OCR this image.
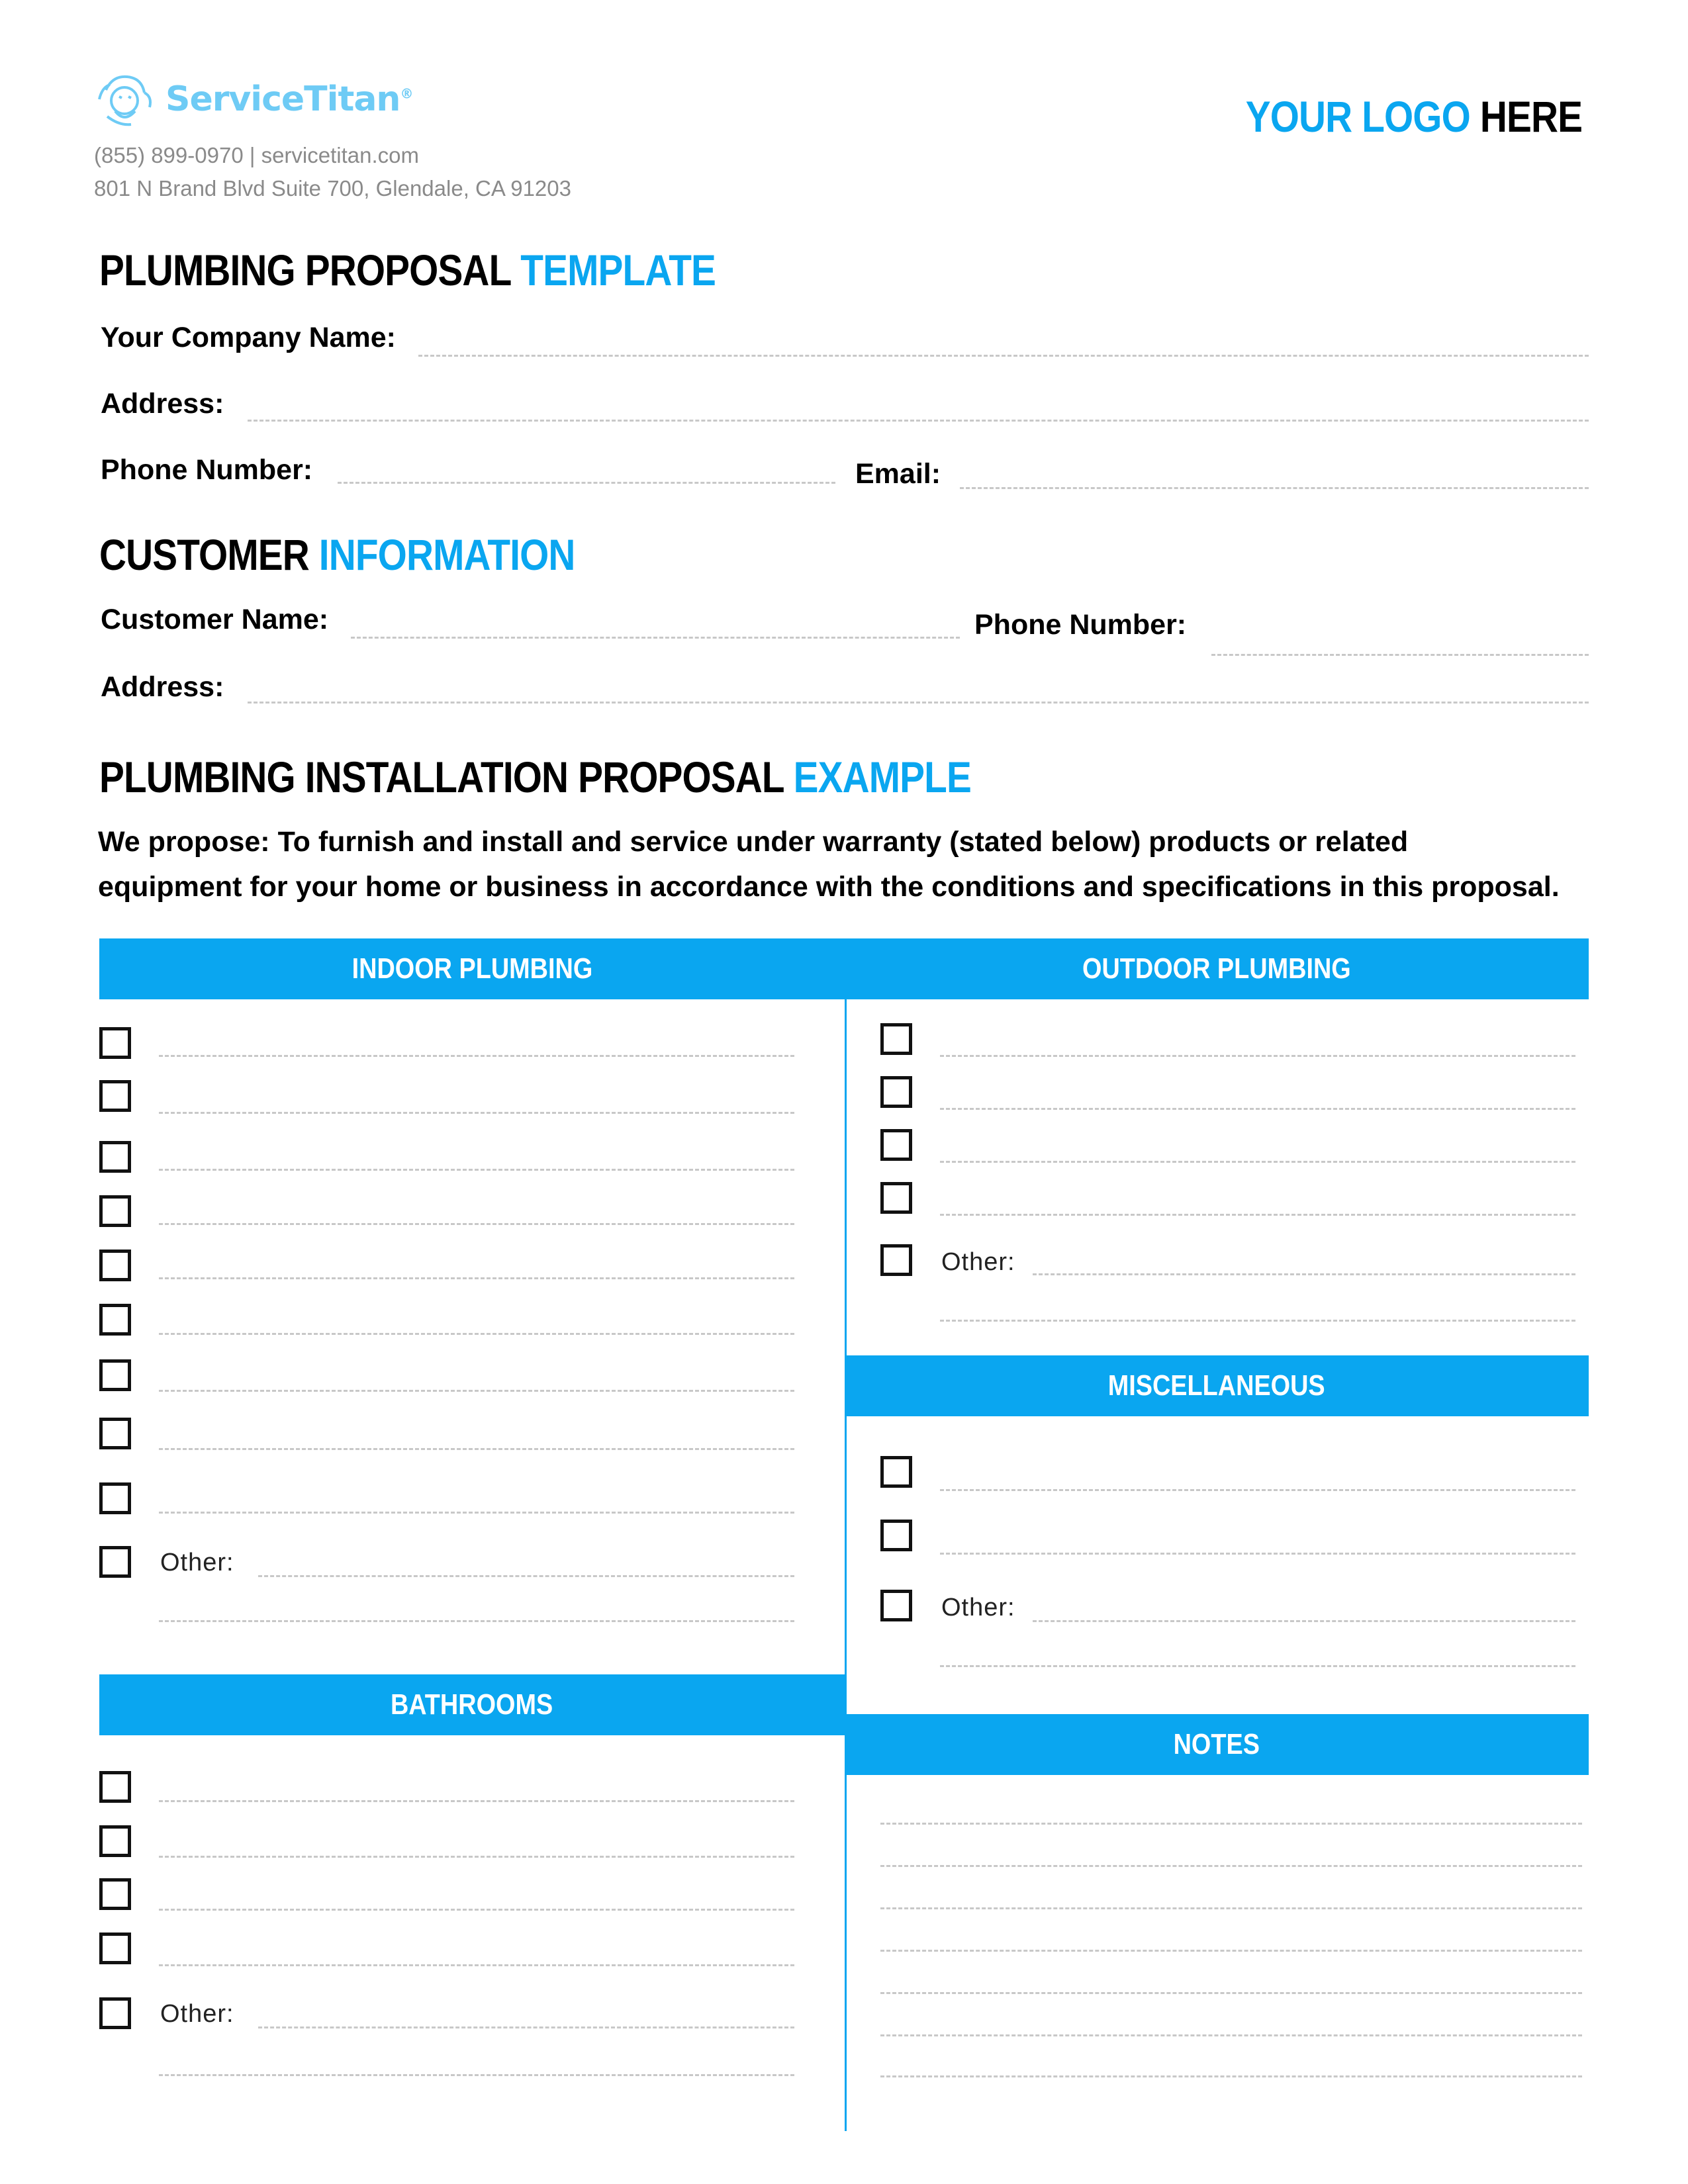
ServiceTitan®
(855) 899-0970 | servicetitan.com
801 N Brand Blvd Suite 700, Glendale, CA 91203
YOUR LOGO HERE
PLUMBING PROPOSAL TEMPLATE
Your Company Name:
Address:
Phone Number:	Email:
CUSTOMER INFORMATION
Customer Name:	Phone Number:
Address:
PLUMBING INSTALLATION PROPOSAL EXAMPLE
We propose: To furnish and install and service under warranty (stated below) products or related
equipment for your home or business in accordance with the conditions and specifications in this proposal.
INDOOR PLUMBING	OUTDOOR PLUMBING
MISCELLANEOUS
BATHROOMS
NOTES
Other:
Other:
Other:
Other:
